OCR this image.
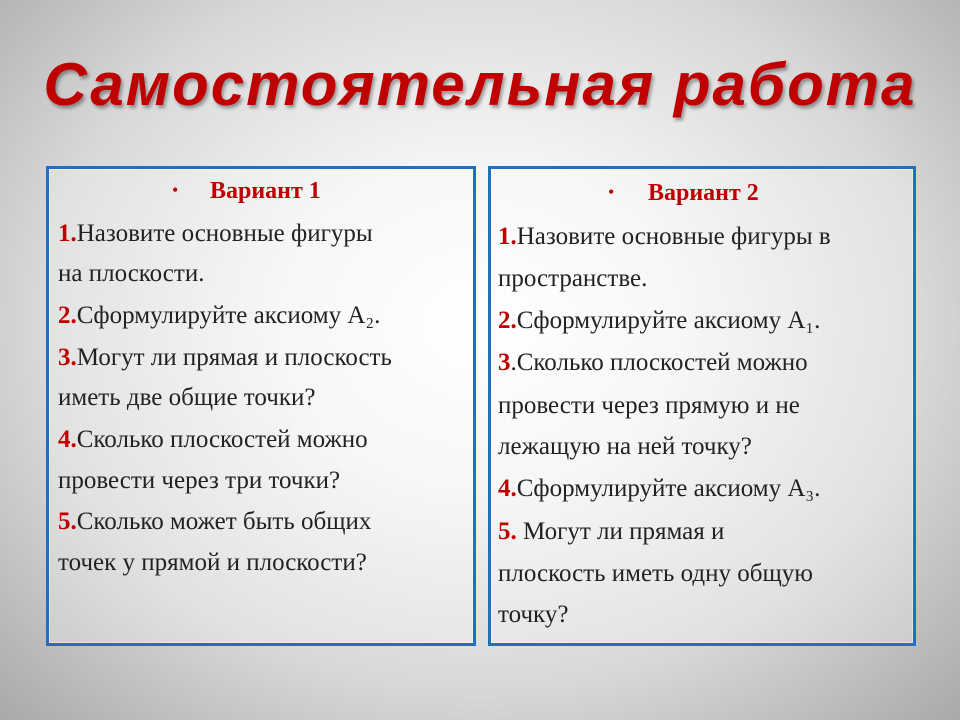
Самостоятельная работа
• Вариант 1
1.Назовите основные фигуры
на плоскости.
2.Сформулируйте аксиому А₂.
3.Могут ли прямая и плоскость
иметь две общие точки?
4.Сколько плоскостей можно
провести через три точки?
5.Сколько может быть общих
точек у прямой и плоскости?
• Вариант 2
1.Назовите основные фигуры в
пространстве.
2.Сформулируйте аксиому А₁.
3.Сколько плоскостей можно
провести через прямую и не
лежащую на ней точку?
4.Сформулируйте аксиому А₃.
5. Могут ли прямая и
плоскость иметь одну общую
точку?
